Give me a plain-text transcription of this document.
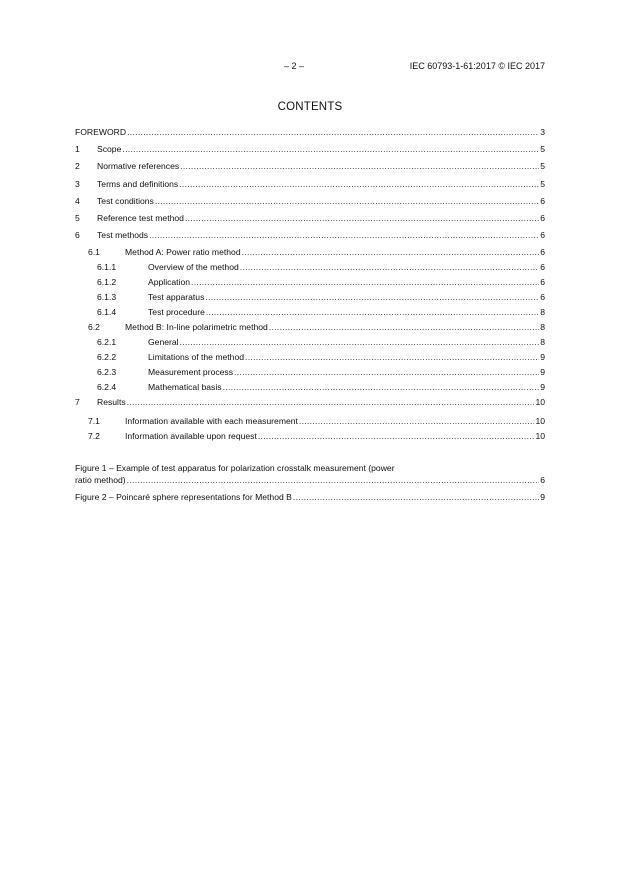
– 2 –	IEC 60793-1-61:2017 © IEC 2017
CONTENTS
FOREWORD .....	3
1	Scope .....	5
2	Normative references .....	5
3	Terms and definitions .....	5
4	Test conditions .....	6
5	Reference test method .....	6
6	Test methods .....	6
6.1	Method A: Power ratio method .....	6
6.1.1	Overview of the method .....	6
6.1.2	Application .....	6
6.1.3	Test apparatus .....	6
6.1.4	Test procedure .....	8
6.2	Method B: In-line polarimetric method .....	8
6.2.1	General .....	8
6.2.2	Limitations of the method .....	9
6.2.3	Measurement process .....	9
6.2.4	Mathematical basis .....	9
7	Results .....	10
7.1	Information available with each measurement .....	10
7.2	Information available upon request .....	10
Figure 1 – Example of test apparatus for polarization crosstalk measurement (power
ratio method) .....	6
Figure 2 – Poincaré sphere representations for Method B .....	9
